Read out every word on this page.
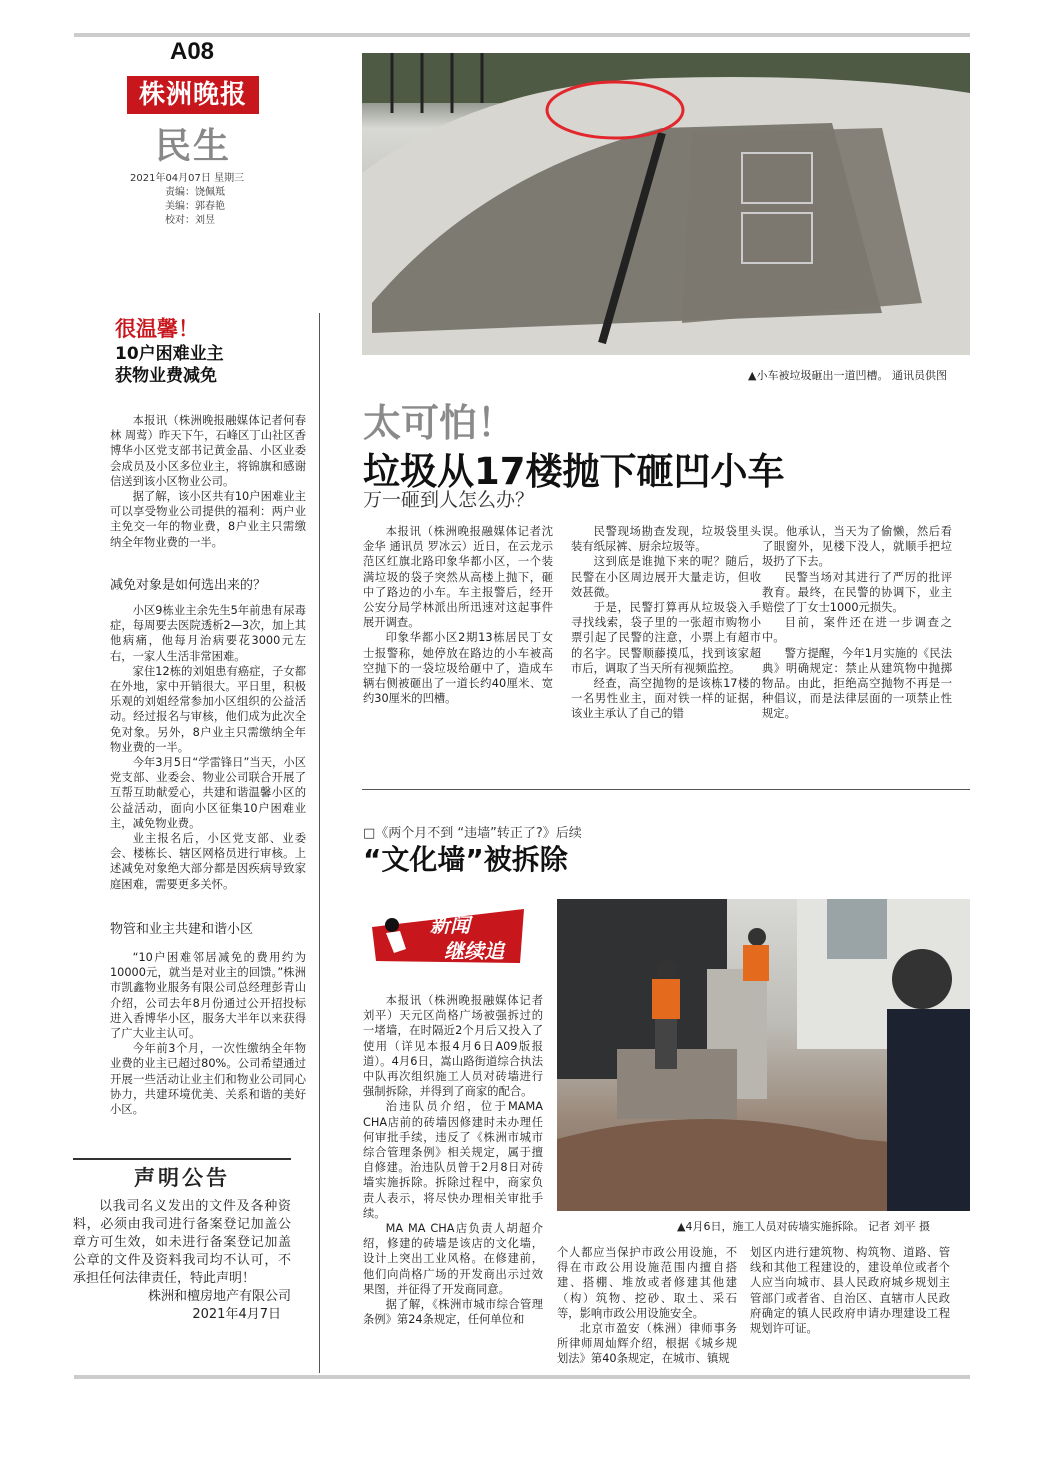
A08
株洲晚报
民生
2021年04月07日 星期三
责编：饶佩羝
美编：郭春艳
校对：刘昱
很温馨！
10户困难业主
获物业费减免

本报讯（株洲晚报融媒体记者何春林 周莺）昨天下午，石峰区丁山社区香博华小区党支部书记黄金晶、小区业委会成员及小区多位业主，将锦旗和感谢信送到该小区物业公司。

据了解，该小区共有10户困难业主可以享受物业公司提供的福利：两户业主免交一年的物业费，8户业主只需缴纳全年物业费的一半。

减免对象是如何选出来的？

小区9栋业主余先生5年前患有尿毒症，每周要去医院透析2—3次，加上其他病痛，他每月治病要花3000元左右，一家人生活非常困难。

家住12栋的刘姐患有癌症，子女都在外地，家中开销很大。平日里，积极乐观的刘姐经常参加小区组织的公益活动。经过报名与审核，他们成为此次全免对象。另外，8户业主只需缴纳全年物业费的一半。

今年3月5日“学雷锋日”当天，小区党支部、业委会、物业公司联合开展了互帮互助献爱心，共建和谐温馨小区的公益活动，面向小区征集10户困难业主，减免物业费。

业主报名后，小区党支部、业委会、楼栋长、辖区网格员进行审核。上述减免对象绝大部分都是因疾病导致家庭困难，需要更多关怀。

物管和业主共建和谐小区

“10户困难邻居减免的费用约为10000元，就当是对业主的回馈。”株洲市凯鑫物业服务有限公司总经理彭青山介绍，公司去年8月份通过公开招投标进入香博华小区，服务大半年以来获得了广大业主认可。

今年前3个月，一次性缴纳全年物业费的业主已超过80%。公司希望通过开展一些活动让业主们和物业公司同心协力，共建环境优美、关系和谐的美好小区。

声明公告
以我司名义发出的文件及各种资料，必须由我司进行备案登记加盖公章方可生效，如未进行备案登记加盖公章的文件及资料我司均不认可，不承担任何法律责任，特此声明！
株洲和檀房地产有限公司
2021年4月7日
▲小车被垃圾砸出一道凹槽。 通讯员供图
太可怕！
垃圾从17楼抛下砸凹小车
万一砸到人怎么办？

本报讯（株洲晚报融媒体记者沈金华 通讯员 罗冰云）近日，在云龙示范区红旗北路印象华都小区，一个装满垃圾的袋子突然从高楼上抛下，砸中了路边的小车。车主报警后，经开公安分局学林派出所迅速对这起事件展开调查。

印象华都小区2期13栋居民丁女士报警称，她停放在路边的小车被高空抛下的一袋垃圾给砸中了，造成车辆右侧被砸出了一道长约40厘米、宽约30厘米的凹槽。

民警现场勘查发现，垃圾袋里头装有纸尿裤、厨余垃圾等。

这到底是谁抛下来的呢？随后，民警在小区周边展开大量走访，但收效甚微。

于是，民警打算再从垃圾袋入手寻找线索，袋子里的一张超市购物小票引起了民警的注意，小票上有超市的名字。民警顺藤摸瓜，找到该家超市后，调取了当天所有视频监控。

经查，高空抛物的是该栋17楼的一名男性业主，面对铁一样的证据，该业主承认了自己的错

误。他承认，当天为了偷懒，然后看了眼窗外，见楼下没人，就顺手把垃圾扔了下去。

民警当场对其进行了严厉的批评教育。最终，在民警的协调下，业主赔偿了丁女士1000元损失。

目前，案件还在进一步调查之中。

警方提醒，今年1月实施的《民法典》明确规定：禁止从建筑物中抛掷物品。由此，拒绝高空抛物不再是一种倡议，而是法律层面的一项禁止性规定。

□《两个月不到 “违墙”转正了?》后续
“文化墙”被拆除
新闻
继续追
▲4月6日，施工人员对砖墙实施拆除。 记者 刘平 摄

本报讯（株洲晚报融媒体记者刘平）天元区尚格广场被强拆过的一堵墙，在时隔近2个月后又投入了使用（详见本报4月6日A09版报道）。4月6日，嵩山路街道综合执法中队再次组织施工人员对砖墙进行强制拆除，并得到了商家的配合。

治违队员介绍，位于MAMA CHA店前的砖墙因修建时未办理任何审批手续，违反了《株洲市城市综合管理条例》相关规定，属于擅自修建。治违队员曾于2月8日对砖墙实施拆除。拆除过程中，商家负责人表示，将尽快办理相关审批手续。

MA MA CHA店负责人胡超介绍，修建的砖墙是该店的文化墙，设计上突出工业风格。在修建前，他们向尚格广场的开发商出示过效果图，并征得了开发商同意。

据了解，《株洲市城市综合管理条例》第24条规定，任何单位和

个人都应当保护市政公用设施，不得在市政公用设施范围内擅自搭建、搭棚、堆放或者修建其他建（构）筑物、挖砂、取土、采石等，影响市政公用设施安全。

北京市盈安（株洲）律师事务所律师周灿辉介绍，根据《城乡规划法》第40条规定，在城市、镇规

划区内进行建筑物、构筑物、道路、管线和其他工程建设的，建设单位或者个人应当向城市、县人民政府城乡规划主管部门或者省、自治区、直辖市人民政府确定的镇人民政府申请办理建设工程规划许可证。
